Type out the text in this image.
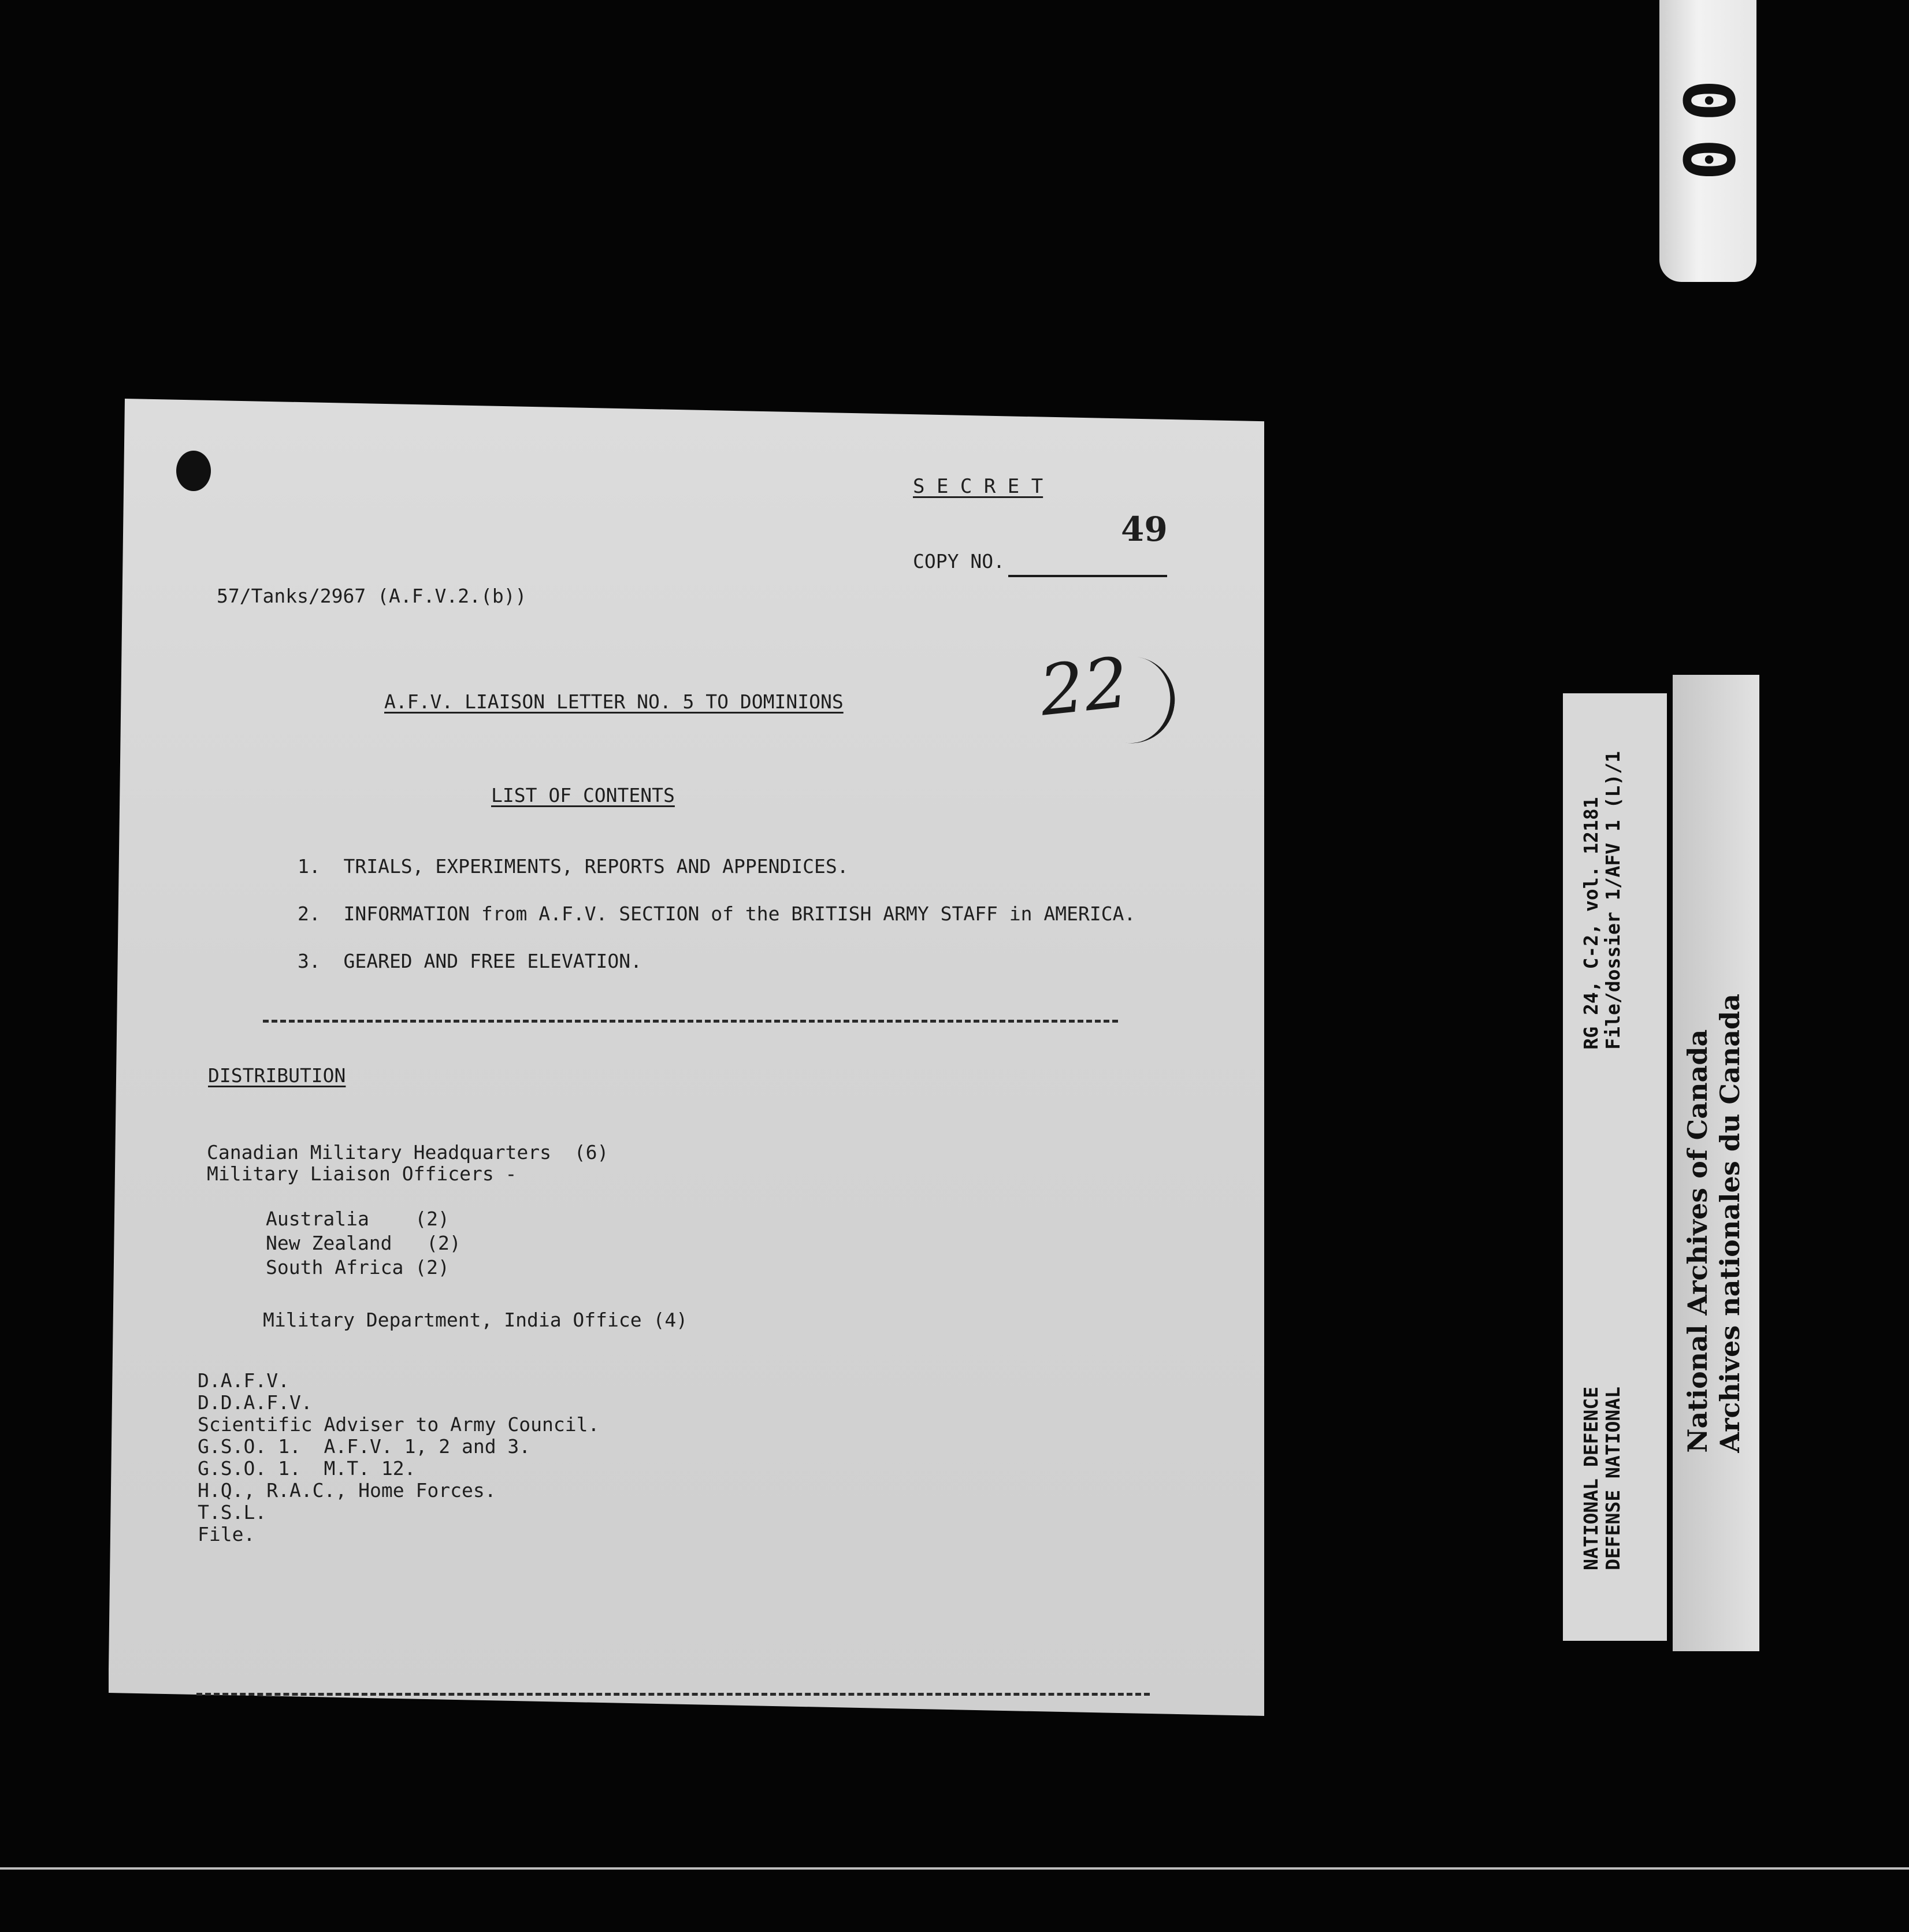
00
S E C R E T
COPY NO.
49
57/Tanks/2967 (A.F.V.2.(b))
A.F.V. LIAISON LETTER NO. 5 TO DOMINIONS	22
LIST OF CONTENTS
1.  TRIALS, EXPERIMENTS, REPORTS AND APPENDICES.
2.  INFORMATION from A.F.V. SECTION of the BRITISH ARMY STAFF in AMERICA.
3.  GEARED AND FREE ELEVATION.
DISTRIBUTION
Canadian Military Headquarters  (6)
Military Liaison Officers -
Australia    (2)
New Zealand   (2)
South Africa (2)
Military Department, India Office (4)
D.A.F.V.
D.D.A.F.V.
Scientific Adviser to Army Council.
G.S.O. 1.  A.F.V. 1, 2 and 3.
G.S.O. 1.  M.T. 12.
H.Q., R.A.C., Home Forces.
T.S.L.
File.
RG 24, C-2, vol. 12181
File/dossier 1/AFV 1 (L)/1
NATIONAL DEFENCE
DEFENSE NATIONAL
National Archives of Canada
Archives nationales du Canada
